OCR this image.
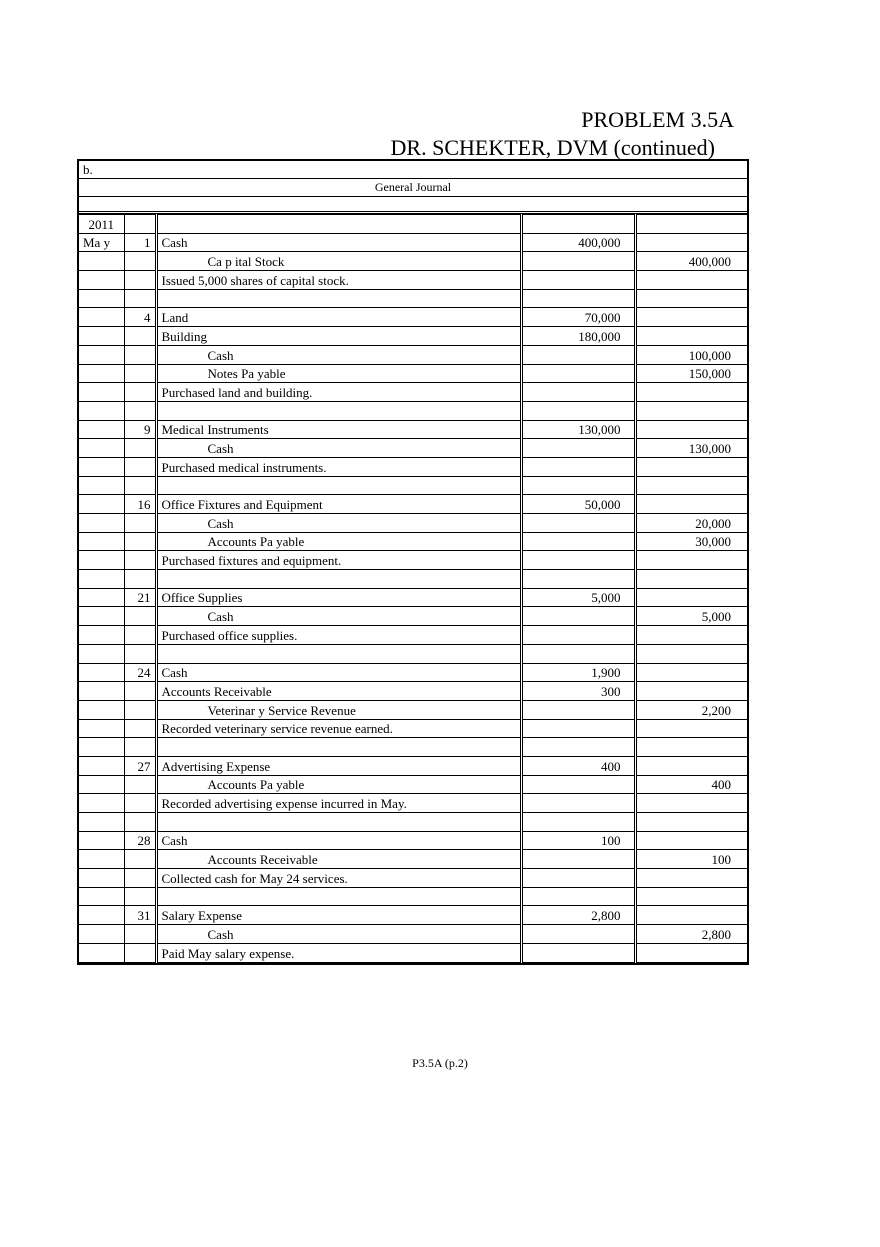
PROBLEM 3.5A
DR. SCHEKTER, DVM (continued)
b.
General Journal
2011				
Ma y	1	Cash	400,000	
		Ca p ital Stock		400,000
		Issued 5,000 shares of capital stock.		

	4	Land	70,000	
		Building	180,000	
		Cash		100,000
		Notes Pa yable		150,000
		Purchased land and building.		

	9	Medical Instruments	130,000	
		Cash		130,000
		Purchased medical instruments.		

	16	Office Fixtures and Equipment	50,000	
		Cash		20,000
		Accounts Pa yable		30,000
		Purchased fixtures and equipment.		

	21	Office Supplies	5,000	
		Cash		5,000
		Purchased office supplies.		

	24	Cash	1,900	
		Accounts Receivable	300	
		Veterinar y Service Revenue		2,200
		Recorded veterinary service revenue earned.		

	27	Advertising Expense	400	
		Accounts Pa yable		400
		Recorded advertising expense incurred in May.		

	28	Cash	100	
		Accounts Receivable		100
		Collected cash for May 24 services.		

	31	Salary Expense	2,800	
		Cash		2,800
		Paid May salary expense.		
P3.5A (p.2)
